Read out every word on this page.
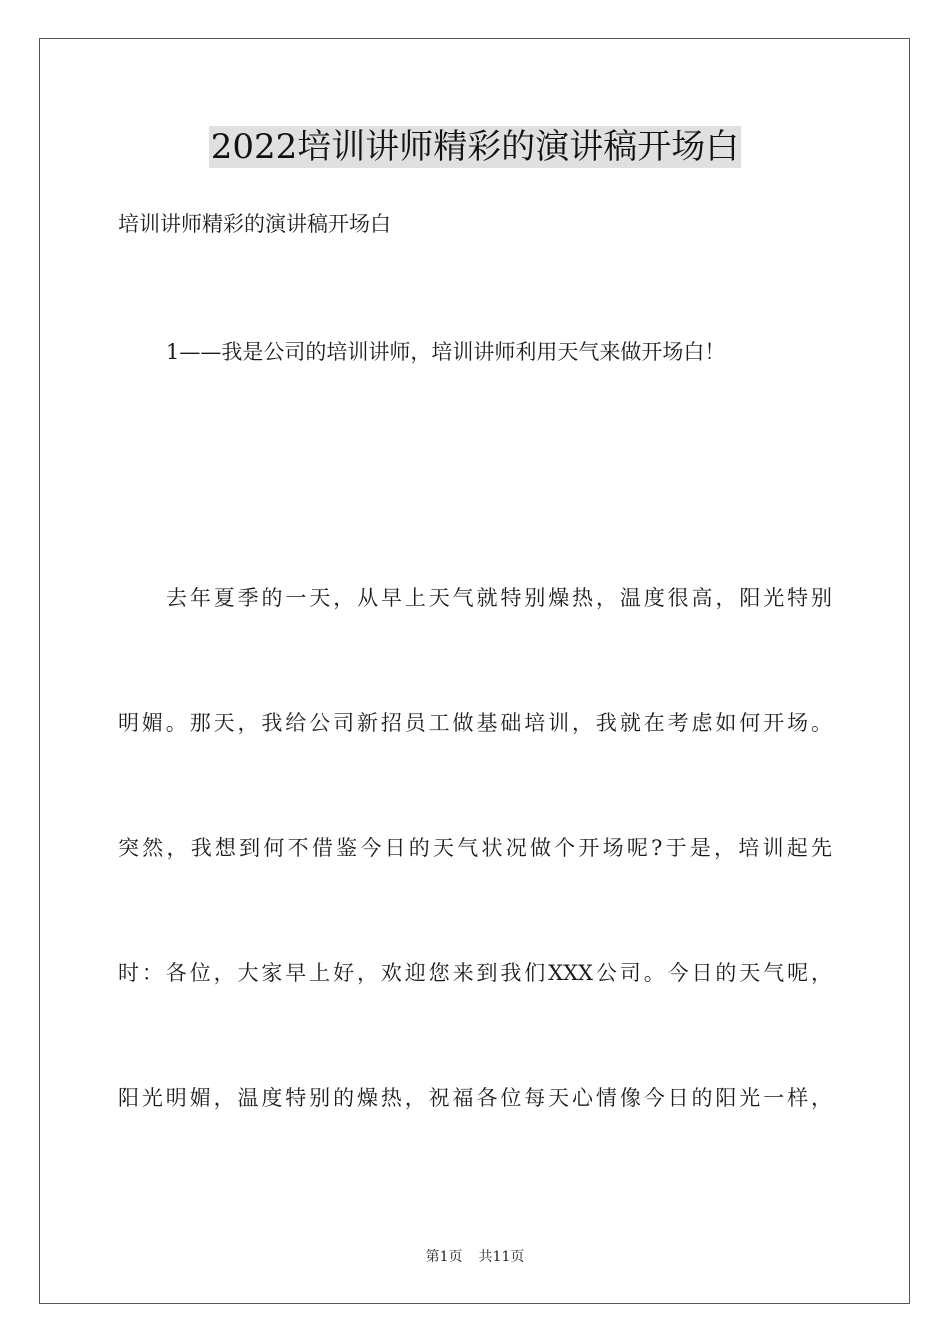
2022培训讲师精彩的演讲稿开场白
培训讲师精彩的演讲稿开场白
1——我是公司的培训讲师，培训讲师利用天气来做开场白！
去年夏季的一天，从早上天气就特别燥热，温度很高，阳光特别
明媚。那天，我给公司新招员工做基础培训，我就在考虑如何开场。
突然，我想到何不借鉴今日的天气状况做个开场呢?于是，培训起先
时：各位，大家早上好，欢迎您来到我们XXX公司。今日的天气呢，
阳光明媚，温度特别的燥热，祝福各位每天心情像今日的阳光一样，
第1页 共11页
